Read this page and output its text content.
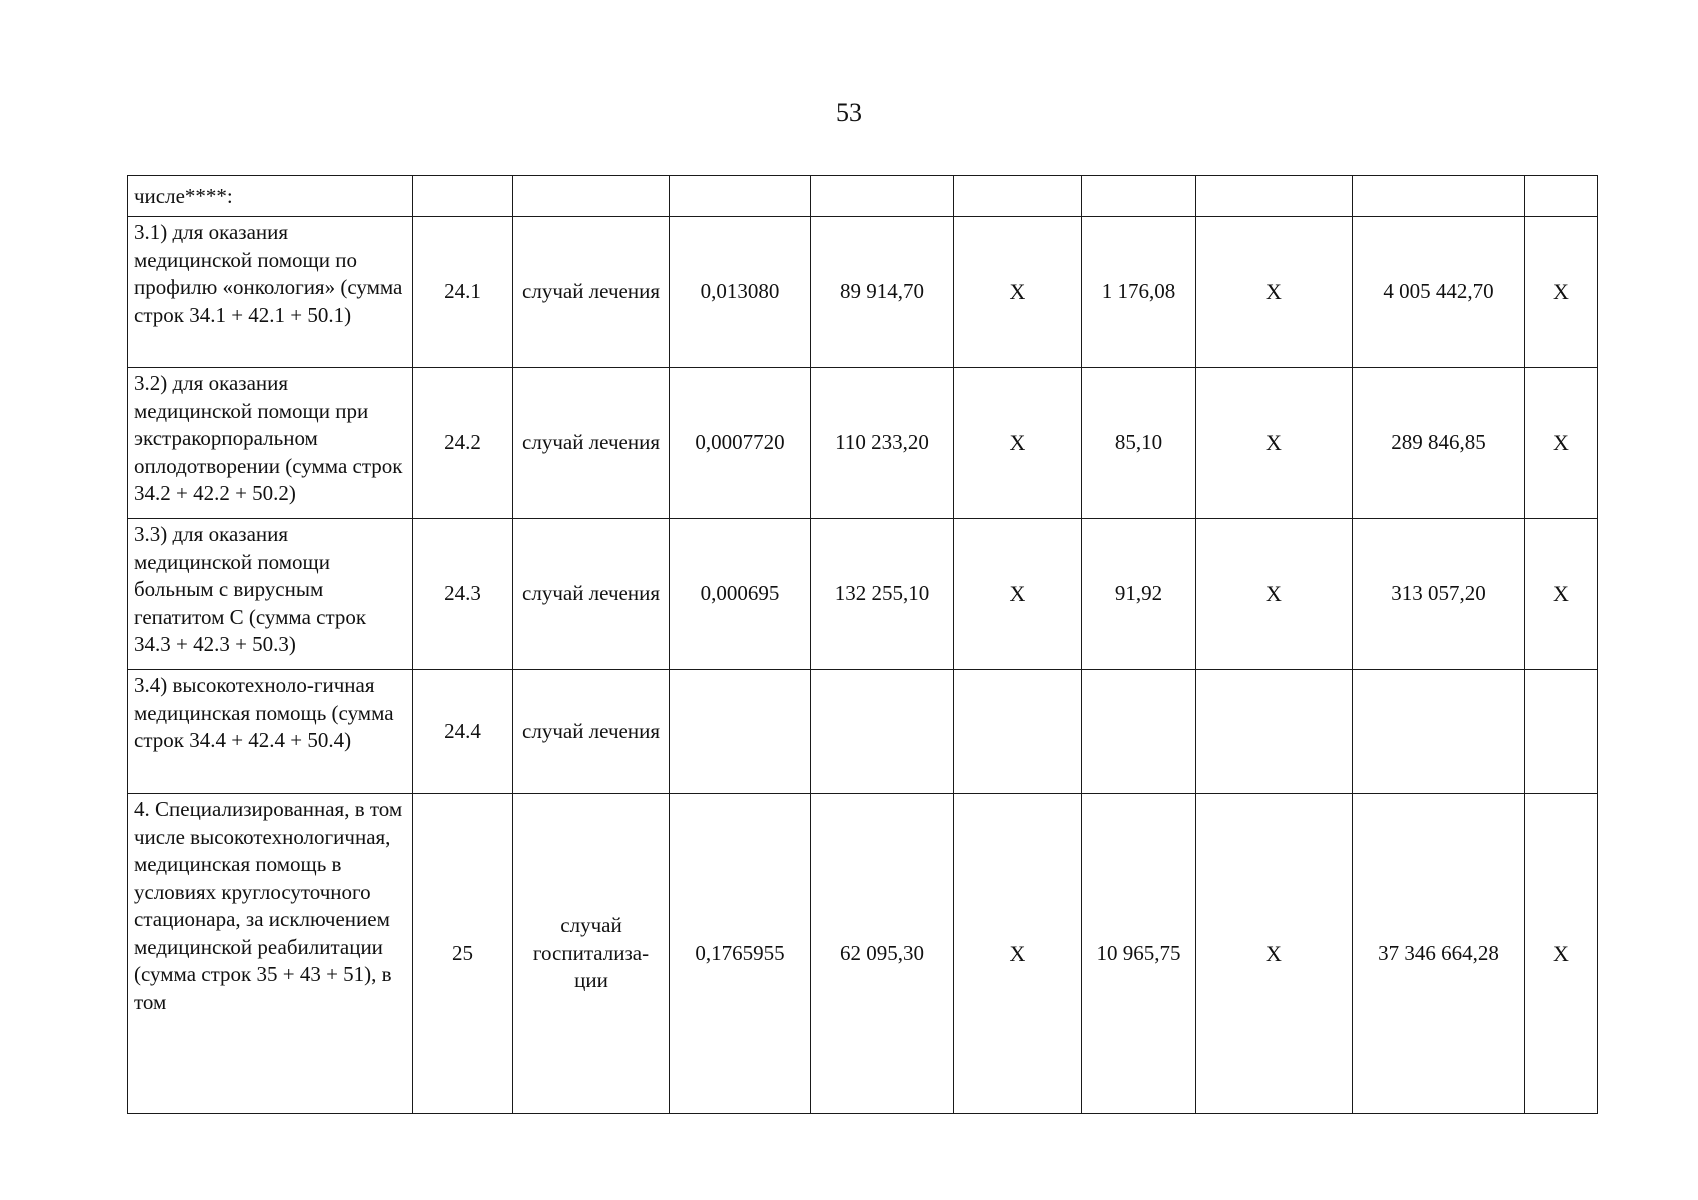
53
числе****:									
3.1) для оказания медицинской помощи по профилю «онкология» (сумма строк 34.1 + 42.1 + 50.1)	24.1	случай лечения	0,013080	89 914,70	X	1 176,08	X	4 005 442,70	X
3.2) для оказания медицинской помощи при экстракорпоральном оплодотворении (сумма строк 34.2 + 42.2 + 50.2)	24.2	случай лечения	0,0007720	110 233,20	X	85,10	X	289 846,85	X
3.3) для оказания медицинской помощи больным с вирусным гепатитом С (сумма строк 34.3 + 42.3 + 50.3)	24.3	случай лечения	0,000695	132 255,10	X	91,92	X	313 057,20	X
3.4) высокотехноло-гичная медицинская помощь (сумма строк 34.4 + 42.4 + 50.4)	24.4	случай лечения							
4. Специализированная, в том числе высокотехнологичная, медицинская помощь в условиях круглосуточного стационара, за исключением медицинской реабилитации (сумма строк 35 + 43 + 51), в том	25	случай госпитализа-ции	0,1765955	62 095,30	X	10 965,75	X	37 346 664,28	X
